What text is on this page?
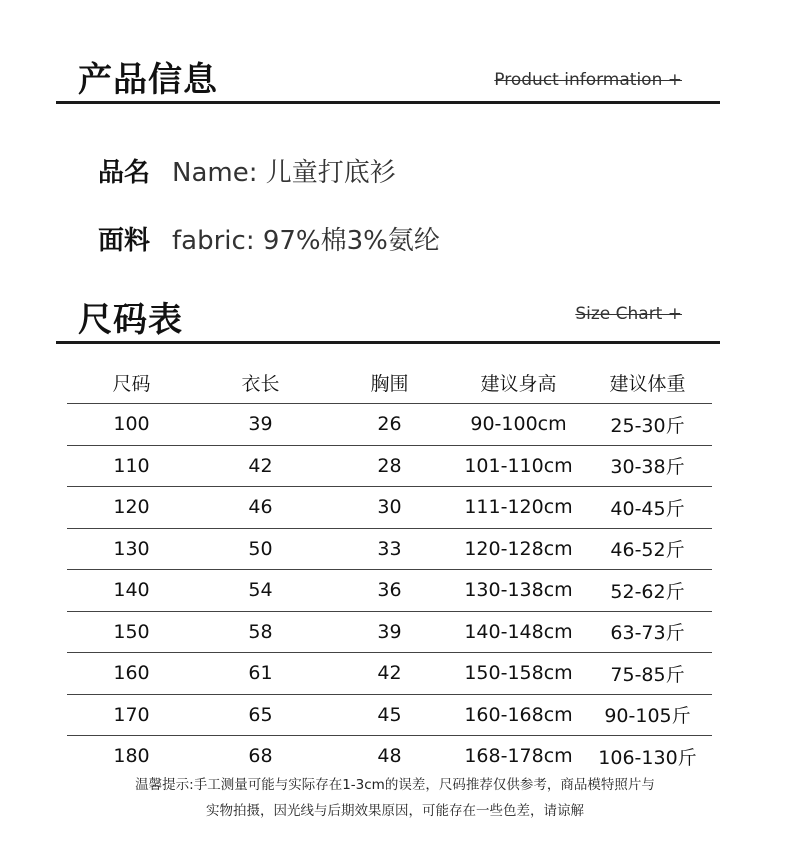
产品信息	Product information +
品名 Name: 儿童打底衫
面料 fabric: 97%棉3%氨纶
尺码表	Size Chart +
尺码	衣长	胸围	建议身高	建议体重
100	39	26	90-100cm	25-30斤
110	42	28	101-110cm	30-38斤
120	46	30	111-120cm	40-45斤
130	50	33	120-128cm	46-52斤
140	54	36	130-138cm	52-62斤
150	58	39	140-148cm	63-73斤
160	61	42	150-158cm	75-85斤
170	65	45	160-168cm	90-105斤
180	68	48	168-178cm	106-130斤
温馨提示:手工测量可能与实际存在1-3cm的误差，尺码推荐仅供参考，商品模特照片与
实物拍摄，因光线与后期效果原因，可能存在一些色差，请谅解
